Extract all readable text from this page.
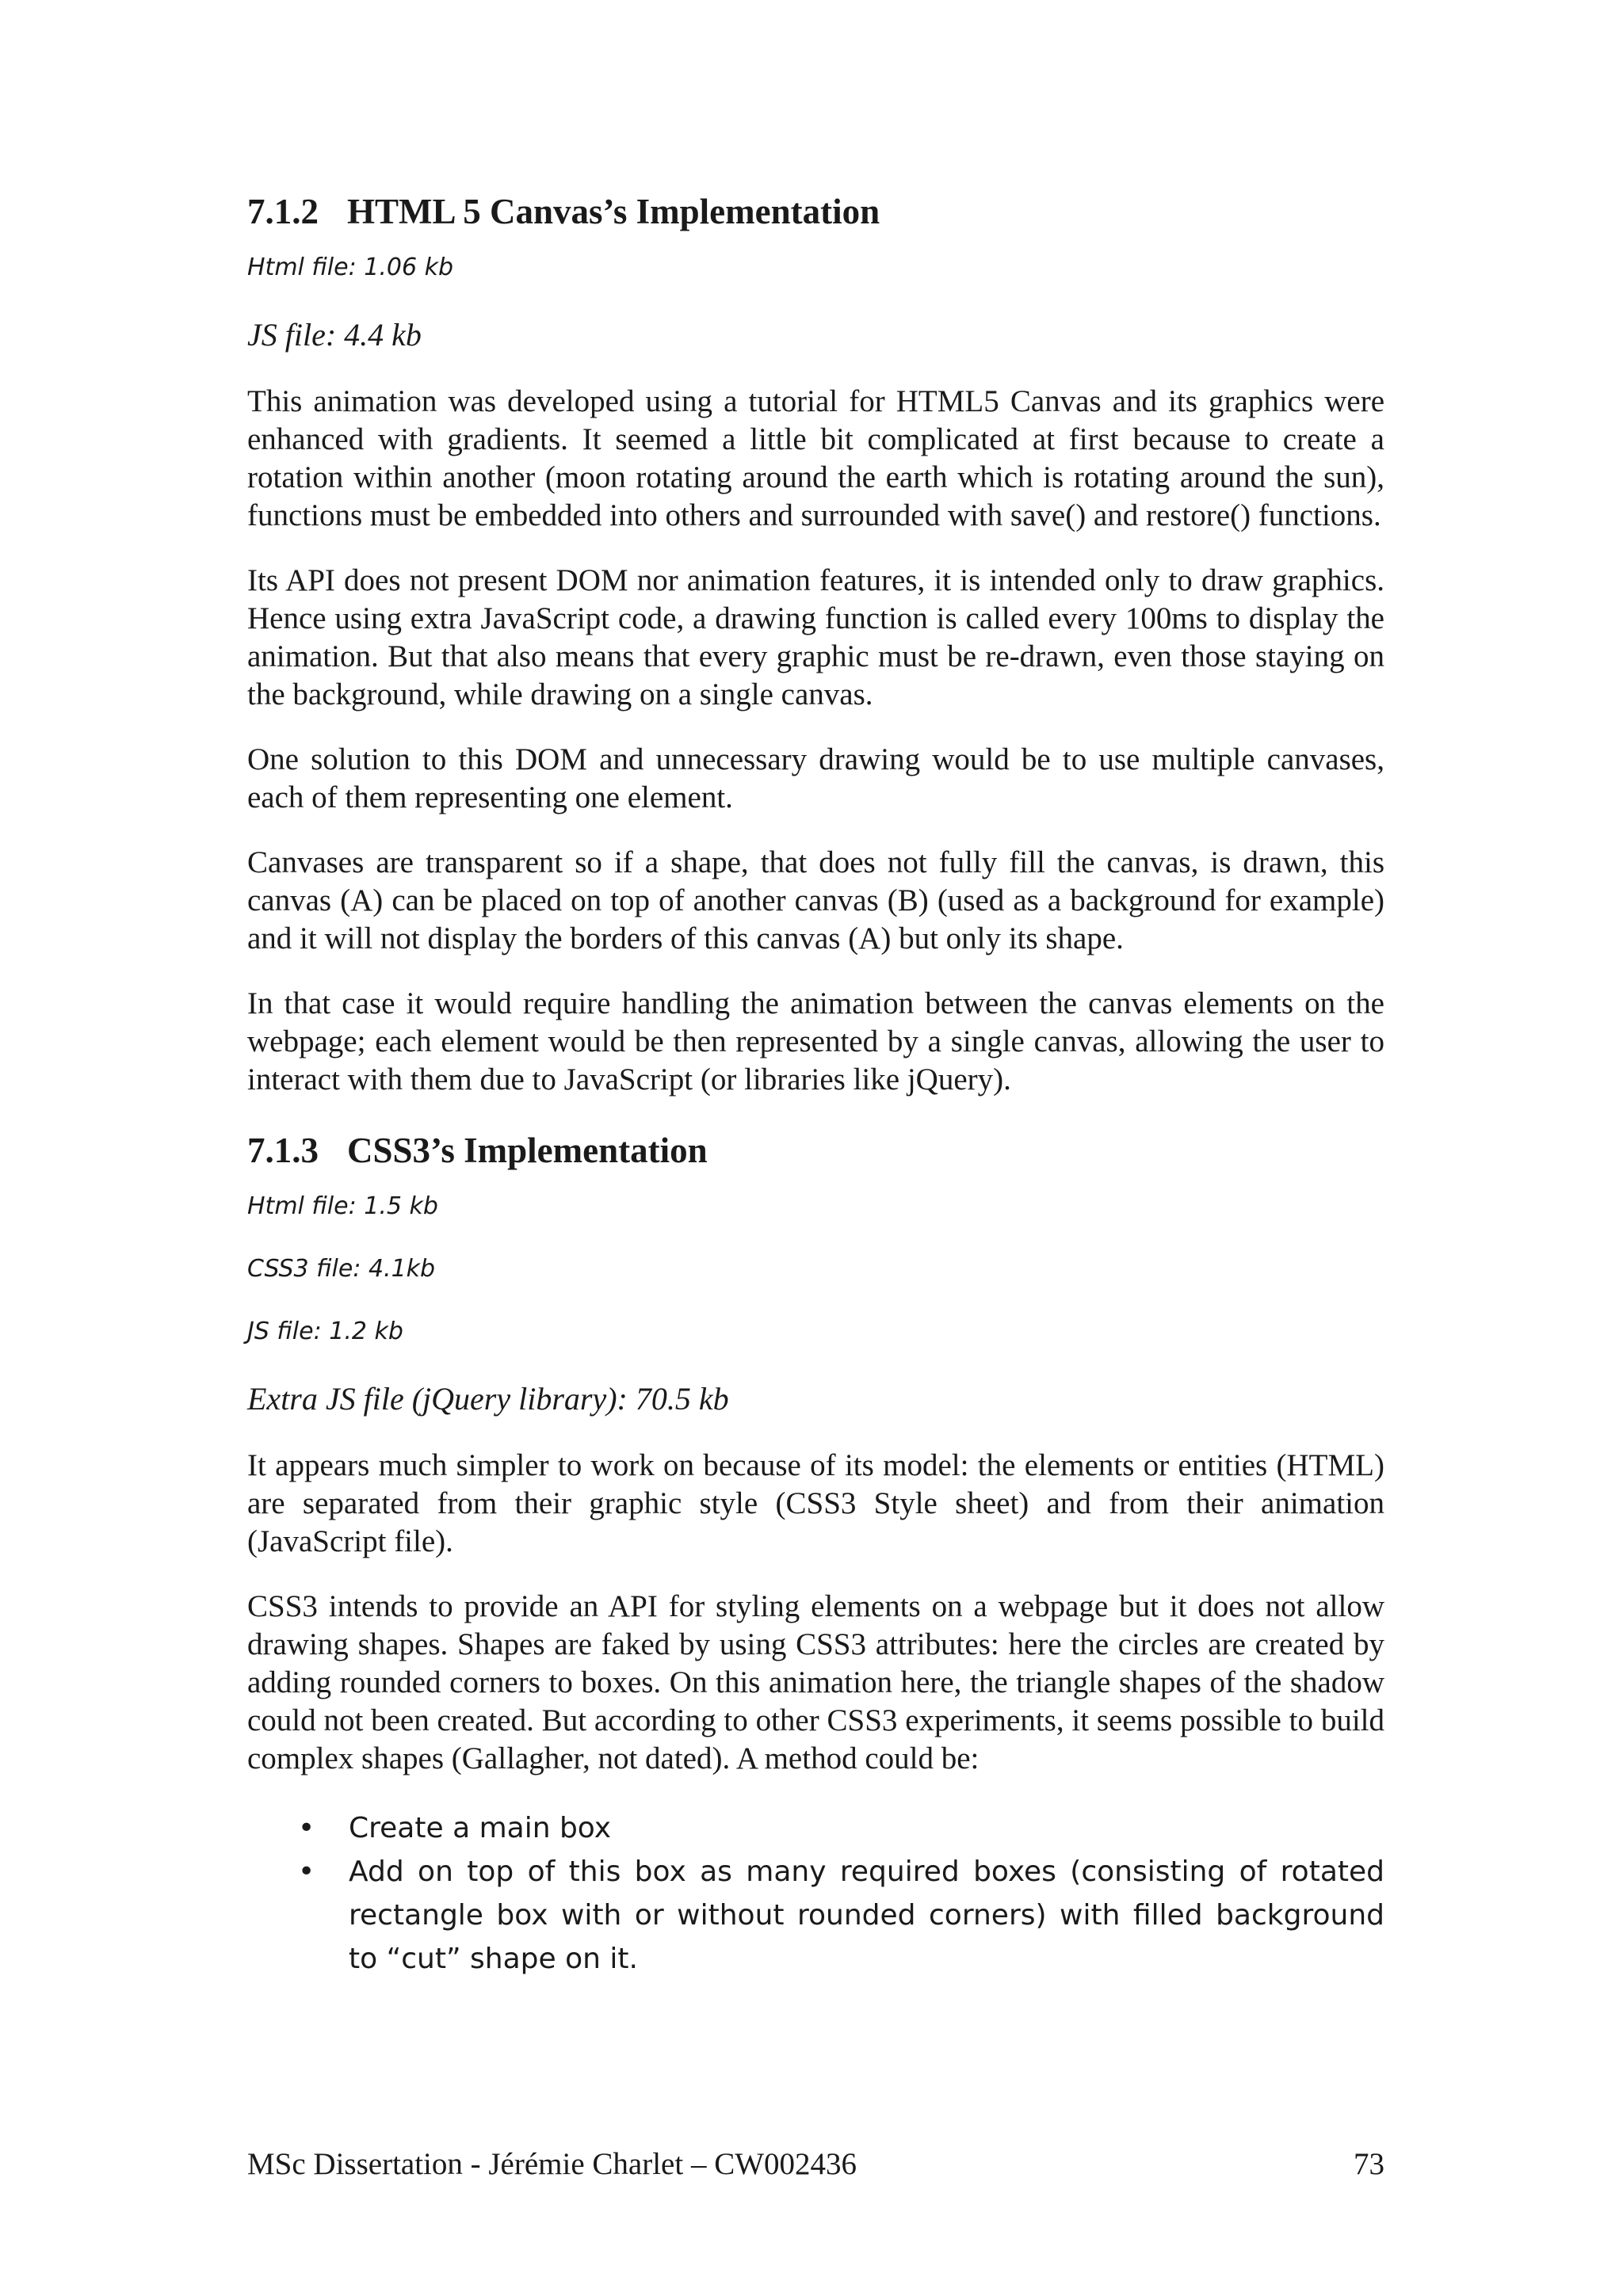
7.1.2 HTML 5 Canvas’s Implementation
Html file: 1.06 kb
JS file: 4.4 kb

This animation was developed using a tutorial for HTML5 Canvas and its graphics were enhanced with gradients. It seemed a little bit complicated at first because to create a rotation within another (moon rotating around the earth which is rotating around the sun), functions must be embedded into others and surrounded with save() and restore() functions.

Its API does not present DOM nor animation features, it is intended only to draw graphics. Hence using extra JavaScript code, a drawing function is called every 100ms to display the animation. But that also means that every graphic must be re-drawn, even those staying on the background, while drawing on a single canvas.

One solution to this DOM and unnecessary drawing would be to use multiple canvases, each of them representing one element.

Canvases are transparent so if a shape, that does not fully fill the canvas, is drawn, this canvas (A) can be placed on top of another canvas (B) (used as a background for example) and it will not display the borders of this canvas (A) but only its shape.

In that case it would require handling the animation between the canvas elements on the webpage; each element would be then represented by a single canvas, allowing the user to interact with them due to JavaScript (or libraries like jQuery).

7.1.3 CSS3’s Implementation
Html file: 1.5 kb
CSS3 file: 4.1kb
JS file: 1.2 kb
Extra JS file (jQuery library): 70.5 kb

It appears much simpler to work on because of its model: the elements or entities (HTML) are separated from their graphic style (CSS3 Style sheet) and from their animation (JavaScript file).

CSS3 intends to provide an API for styling elements on a webpage but it does not allow drawing shapes. Shapes are faked by using CSS3 attributes: here the circles are created by adding rounded corners to boxes. On this animation here, the triangle shapes of the shadow could not been created. But according to other CSS3 experiments, it seems possible to build complex shapes (Gallagher, not dated). A method could be:

•	Create a main box
•	Add on top of this box as many required boxes (consisting of rotated rectangle box with or without rounded corners) with filled background to “cut” shape on it.
MSc Dissertation - Jérémie Charlet – CW002436	73
